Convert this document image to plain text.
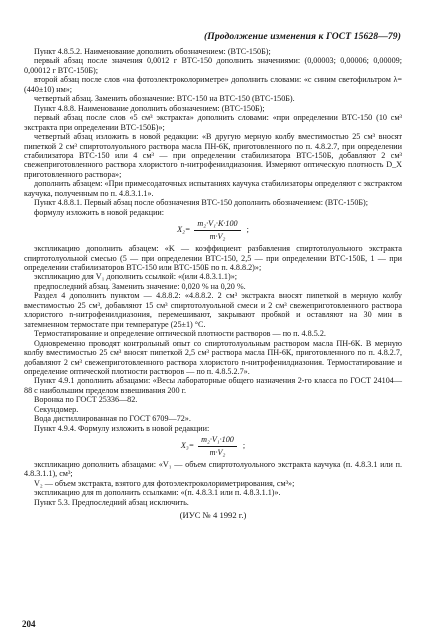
(Продолжение изменения к ГОСТ 15628—79)

Пункт 4.8.5.2. Наименование дополнить обозначением: (ВТС-150Б);

первый абзац после значения 0,0012 г ВТС-150 дополнить значениями: (0,00003; 0,00006; 0,00009; 0,00012 г ВТС-150Б);

второй абзац после слов «на фотоэлектроколориметре» дополнить словами: «с синим светофильтром λ=(440±10) нм»;

четвертый абзац. Заменить обозначение: ВТС-150 на ВТС-150 (ВТС-150Б).

Пункт 4.8.8. Наименование дополнить обозначением: (ВТС-150Б);

первый абзац после слов «5 см³ экстракта» дополнить словами: «при определении ВТС-150 (10 см³ экстракта при определении ВТС-150Б)»;

четвертый абзац изложить в новой редакции: «В другую мерную колбу вместимостью 25 см³ вносят пипеткой 2 см³ спиртотолуольного раствора масла ПН-6К, приготовленного по п. 4.8.2.7, при определении стабилизатора ВТС-150 или 4 см³ — при определении стабилизатора ВТС-150Б, добавляют 2 см³ свежеприготовленного раствора хлористого n-нитрофенилдиазония. Измеряют оптическую плотность D_X приготовленного раствора»;

дополнить абзацем: «При примесодаточных испытаниях каучука стабилизаторы определяют с экстрактом каучука, полученным по п. 4.8.3.1.1».

Пункт 4.8.8.1. Первый абзац после обозначения ВТС-150 дополнить обозначением: (ВТС-150Б);

формулу изложить в новой редакции:

$X_2= \frac{\text{m₂·V₁·K·100}}{\text{m·V₂}}$ ;

экспликацию дополнить абзацем: «K — коэффициент разбавления спиртотолуольного экстракта спиртотолуольной смесью (5 — при определении ВТС-150, 2,5 — при определении ВТС-150Б, 1 — при определении стабилизаторов ВТС-150 или ВТС-150Б по п. 4.8.8.2)»;

экспликацию для V₁ дополнить ссылкой: «(или 4.8.3.1.1)»;

предпоследний абзац. Заменить значение: 0,020 % на 0,20 %.

Раздел 4 дополнить пунктом — 4.8.8.2: «4.8.8.2. 2 см³ экстракта вносят пипеткой в мерную колбу вместимостью 25 см³, добавляют 15 см³ спиртотолуольной смеси и 2 см³ свежеприготовленного раствора хлористого n-нитрофенилдиазония, перемешивают, закрывают пробкой и оставляют на 30 мин в затемненном термостате при температуре (25±1) °С.

Термостатирование и определение оптической плотности растворов — по п. 4.8.5.2.

Одновременно проводят контрольный опыт со спиртотолуольным раствором масла ПН-6К. В мерную колбу вместимостью 25 см³ вносят пипеткой 2,5 см³ раствора масла ПН-6К, приготовленного по п. 4.8.2.7, добавляют 2 см³ свежеприготовленного раствора хлористого n-нитрофенилдиазония. Термостатирование и определение оптической плотности растворов — по п. 4.8.5.2.7».

Пункт 4.9.1 дополнить абзацами: «Весы лабораторные общего назначения 2-го класса по ГОСТ 24104—88 с наибольшим пределом взвешивания 200 г.

Воронка по ГОСТ 25336—82.

Секундомер.

Вода дистиллированная по ГОСТ 6709—72».

Пункт 4.9.4. Формулу изложить в новой редакции:

$X_3= \frac{\text{m₂·V₁·100}}{\text{m·V₂}}$ ;

экспликацию дополнить абзацами: «V₁ — объем спиртотолуольного экстракта каучука (п. 4.8.3.1 или п. 4.8.3.1.1), см³;

V₂ — объем экстракта, взятого для фотоэлектроколориметрирования, см³»;

экспликацию для m дополнить ссылками: «(п. 4.8.3.1 или п. 4.8.3.1.1)».

Пункт 5.3. Предпоследний абзац исключить.

(ИУС № 4 1992 г.)

204
